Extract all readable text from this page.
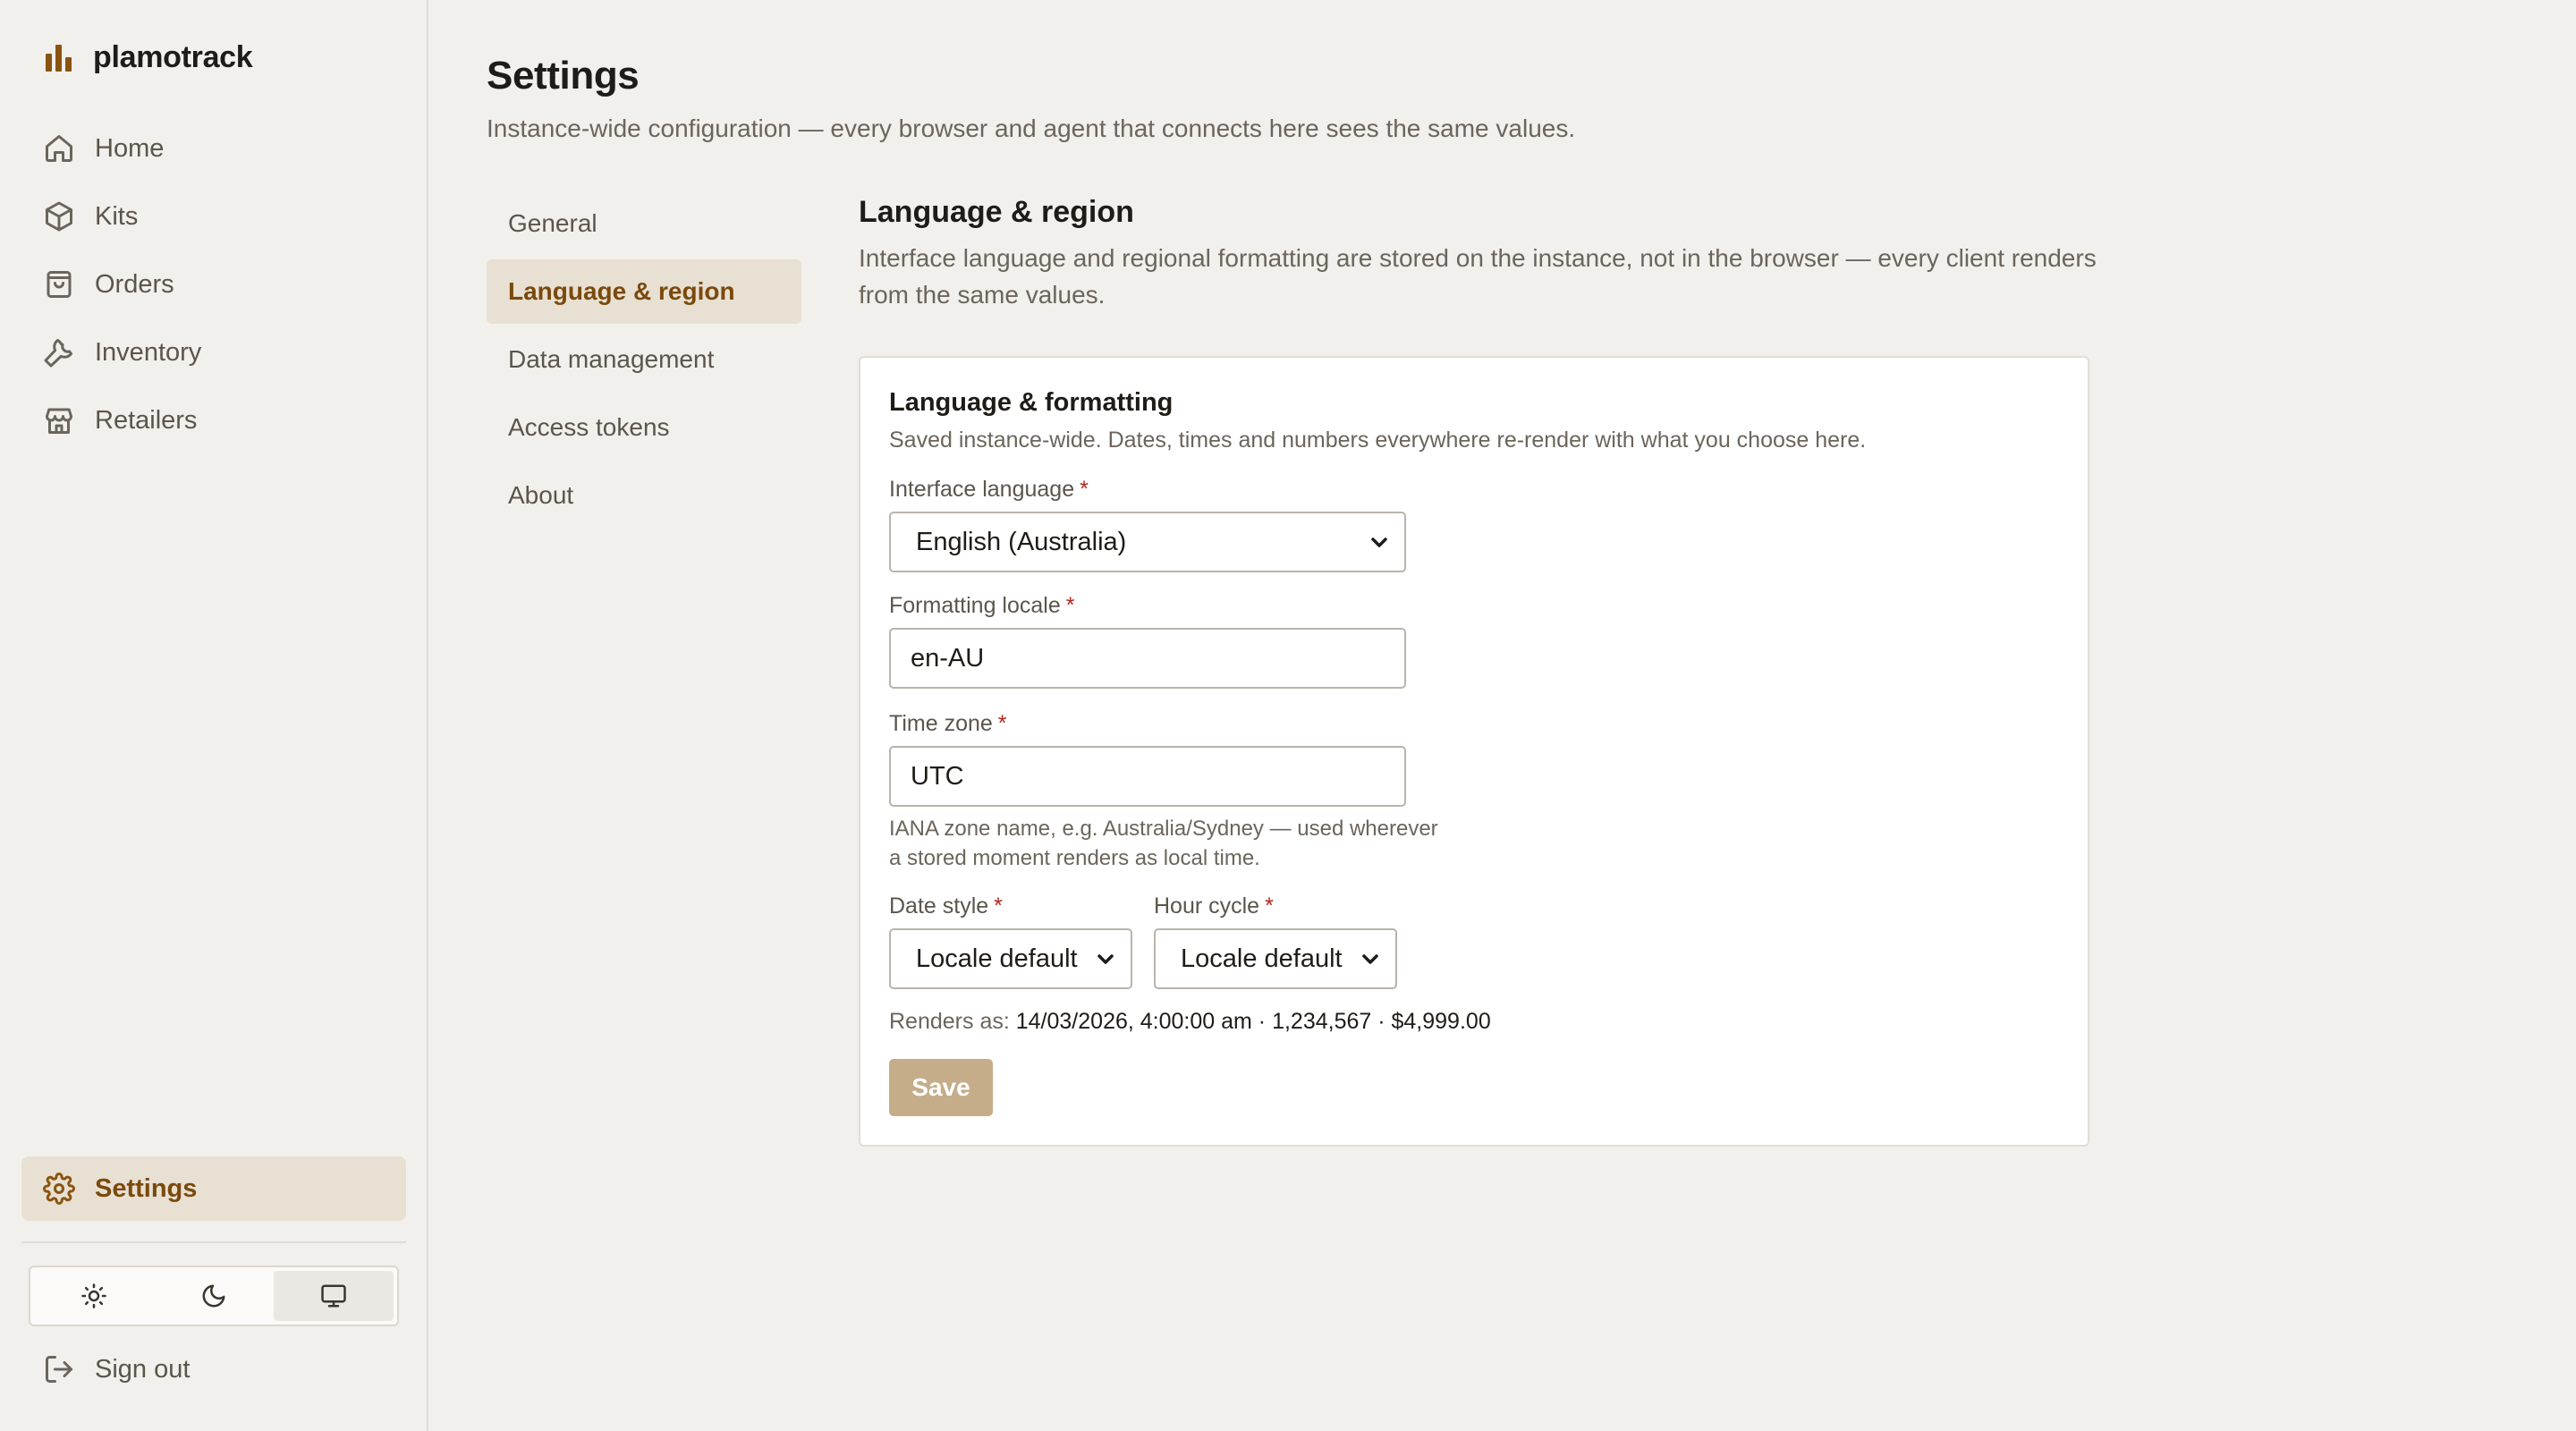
plamotrack
Home
Kits
Orders
Inventory
Retailers
Settings
Sign out
Settings

Instance-wide configuration — every browser and agent that connects here sees the same values.

General
Language & region
Data management
Access tokens
About
Language & region

Interface language and regional formatting are stored on the instance, not in the browser — every client renders from the same values.

Language & formatting

Saved instance-wide. Dates, times and numbers everywhere re-render with what you choose here.

Interface language *
English (Australia)
Formatting locale *
en-AU
Time zone *
UTC

IANA zone name, e.g. Australia/Sydney — used wherever a stored moment renders as local time.

Date style *
Locale default
Hour cycle *
Locale default

Renders as: 14/03/2026, 4:00:00 am · 1,234,567 · $4,999.00

Save
